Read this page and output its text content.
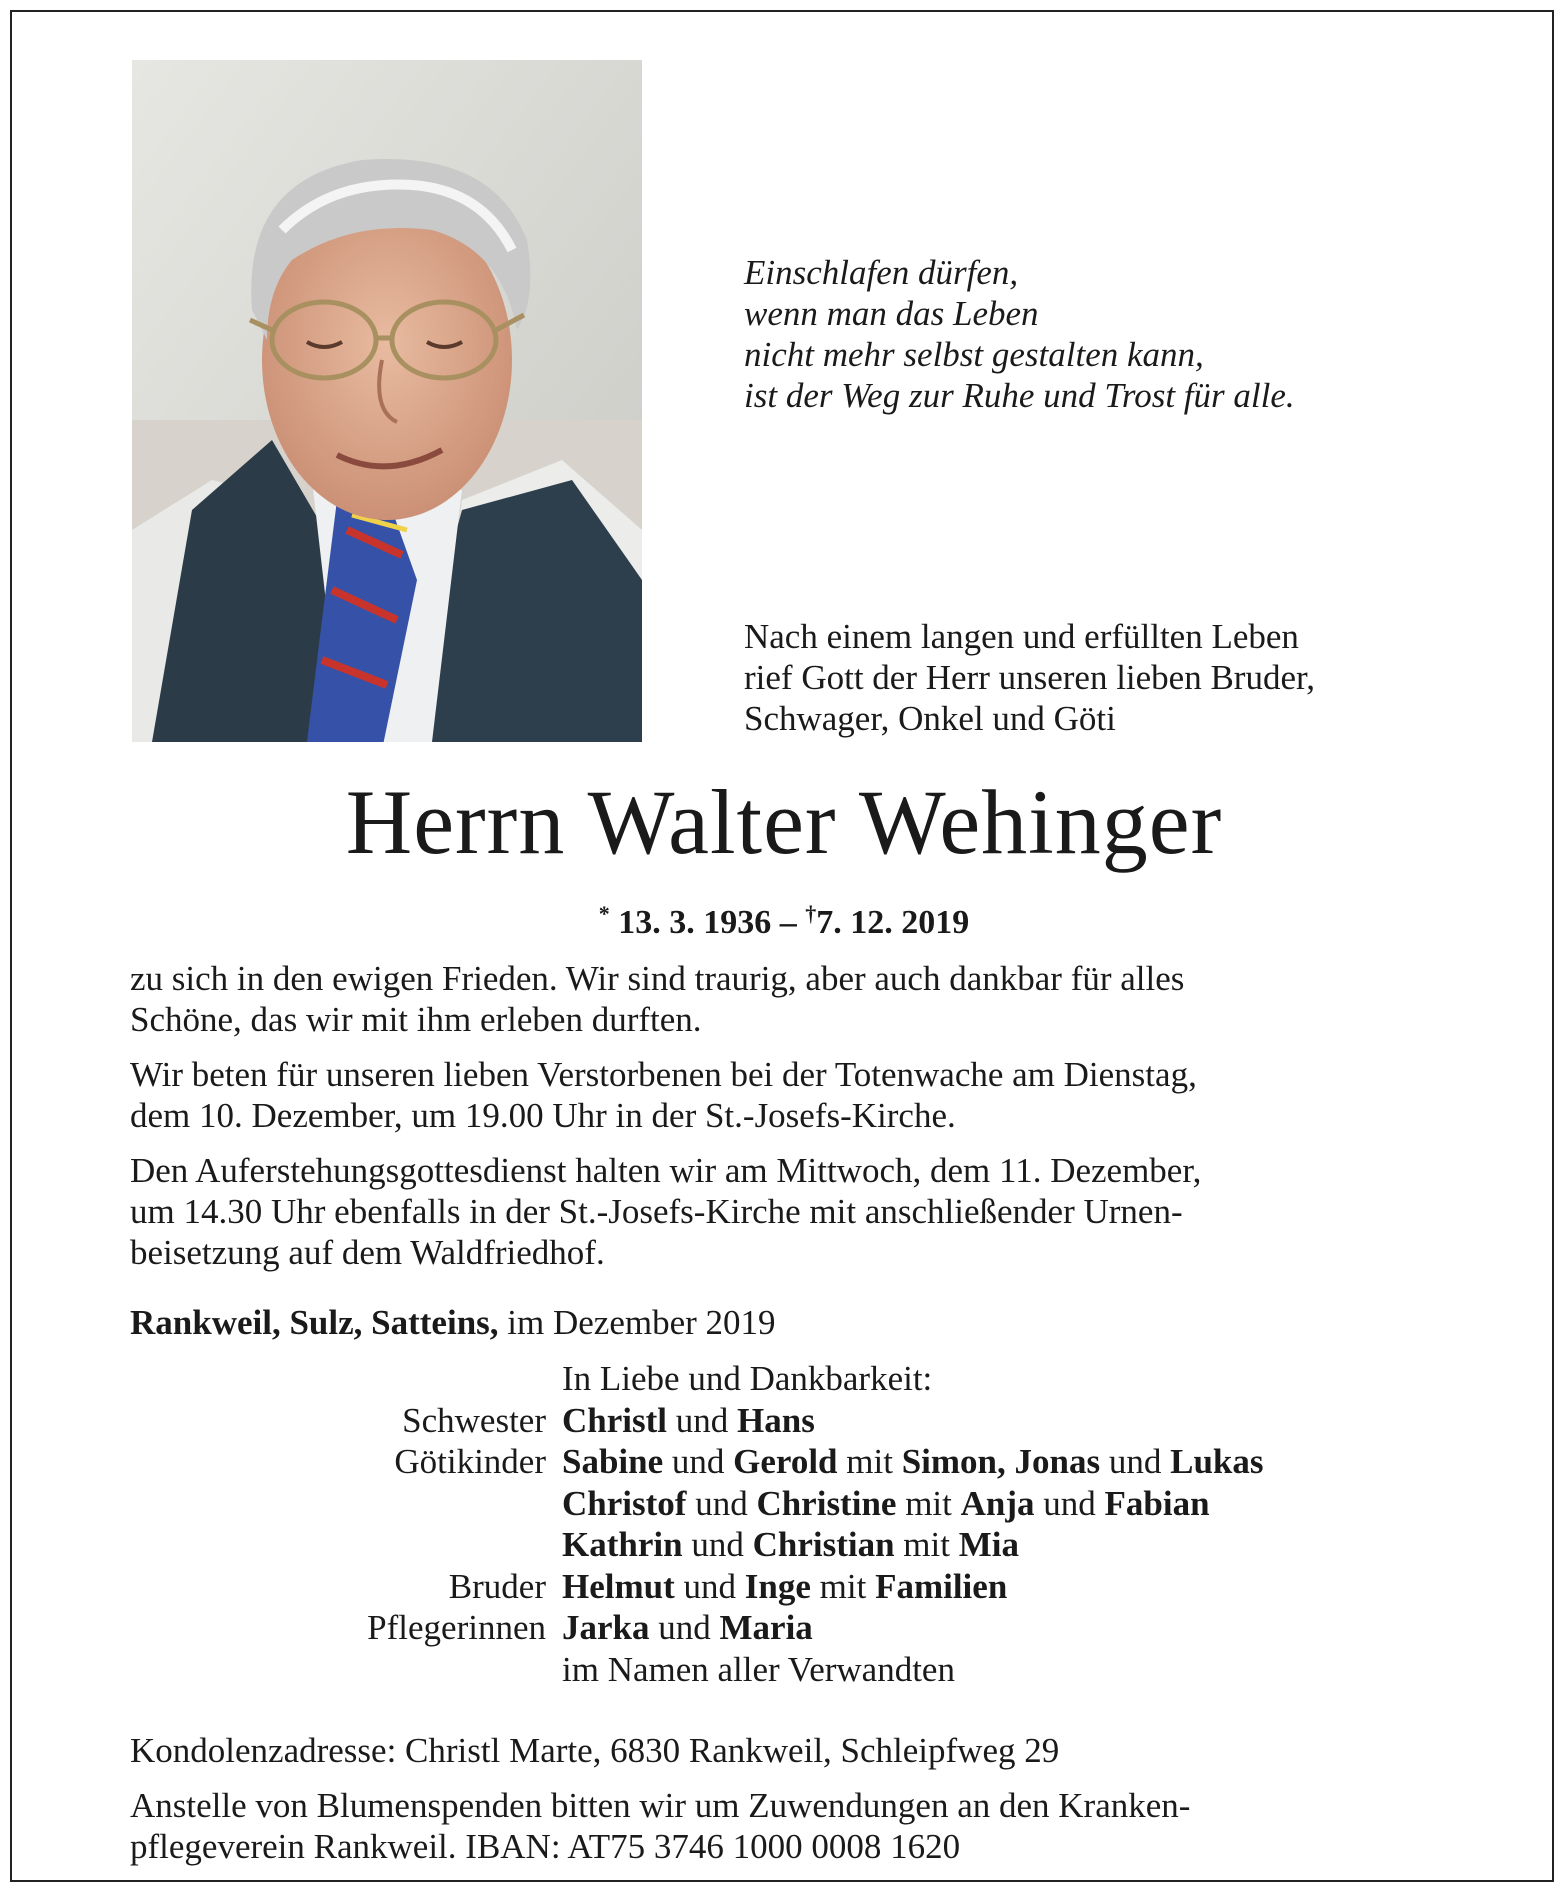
Einschlafen dürfen,
wenn man das Leben
nicht mehr selbst gestalten kann,
ist der Weg zur Ruhe und Trost für alle.
Nach einem langen und erfüllten Leben
rief Gott der Herr unseren lieben Bruder,
Schwager, Onkel und Göti
Herrn Walter Wehinger
* 13. 3. 1936 – †7. 12. 2019

zu sich in den ewigen Frieden. Wir sind traurig, aber auch dankbar für alles
Schöne, das wir mit ihm erleben durften.

Wir beten für unseren lieben Verstorbenen bei der Totenwache am Dienstag,
dem 10. Dezember, um 19.00 Uhr in der St.-Josefs-Kirche.

Den Auferstehungsgottesdienst halten wir am Mittwoch, dem 11. Dezember,
um 14.30 Uhr ebenfalls in der St.-Josefs-Kirche mit anschließender Urnen-
beisetzung auf dem Waldfriedhof.

Rankweil, Sulz, Satteins, im Dezember 2019
In Liebe und Dankbarkeit:
Schwester Christl und Hans
Götikinder Sabine und Gerold mit Simon, Jonas und Lukas
Christof und Christine mit Anja und Fabian
Kathrin und Christian mit Mia
Bruder Helmut und Inge mit Familien
Pflegerinnen Jarka und Maria
im Namen aller Verwandten

Kondolenzadresse: Christl Marte, 6830 Rankweil, Schleipfweg 29

Anstelle von Blumenspenden bitten wir um Zuwendungen an den Kranken-
pflegeverein Rankweil. IBAN: AT75 3746 1000 0008 1620
